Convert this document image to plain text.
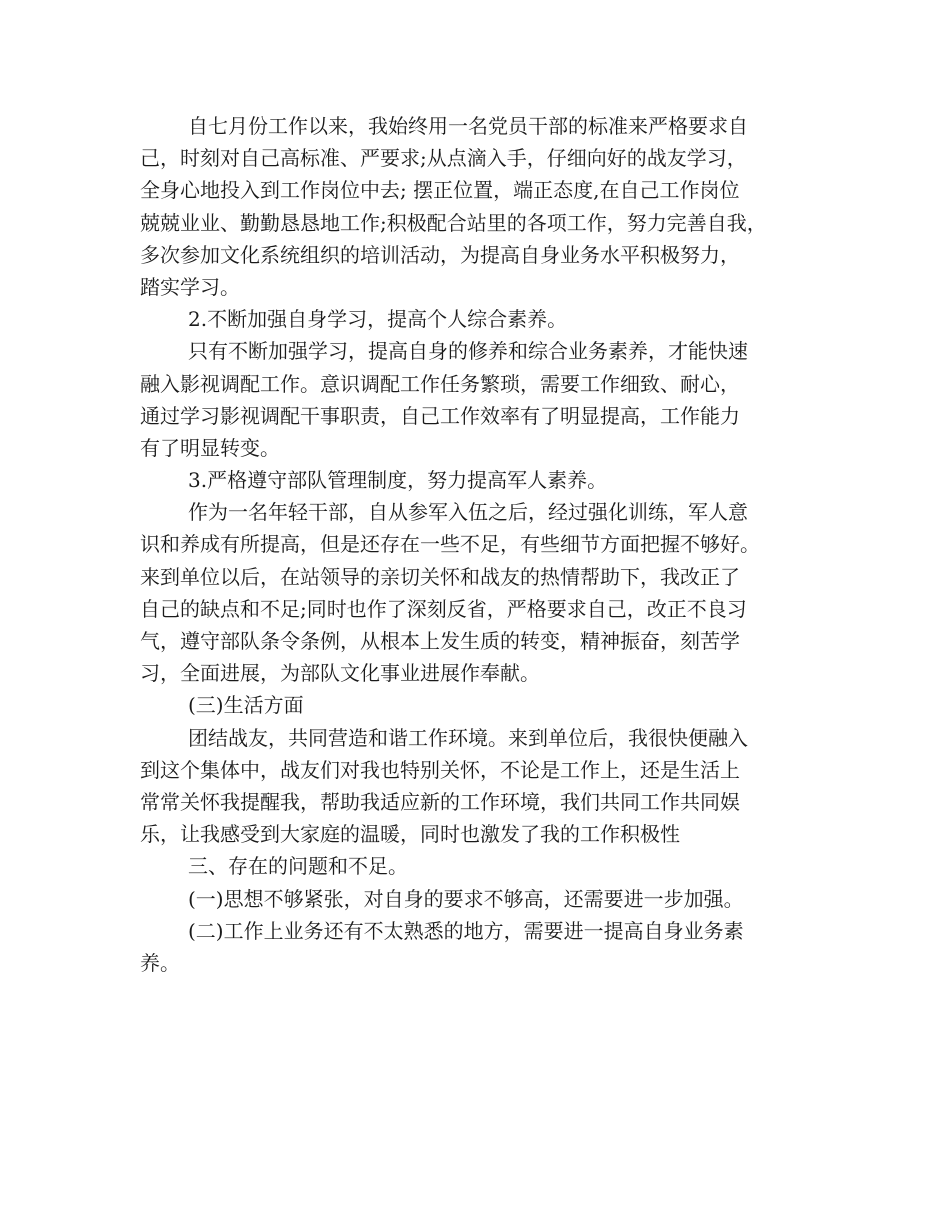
自七月份工作以来，我始终用一名党员干部的标准来严格要求自
己，时刻对自己高标准、严要求;从点滴入手，仔细向好的战友学习，
全身心地投入到工作岗位中去; 摆正位置，端正态度,在自己工作岗位
兢兢业业、勤勤恳恳地工作;积极配合站里的各项工作，努力完善自我，
多次参加文化系统组织的培训活动，为提高自身业务水平积极努力，
踏实学习。
2.不断加强自身学习，提高个人综合素养。
只有不断加强学习，提高自身的修养和综合业务素养，才能快速
融入影视调配工作。意识调配工作任务繁琐，需要工作细致、耐心，
通过学习影视调配干事职责，自己工作效率有了明显提高，工作能力
有了明显转变。
3.严格遵守部队管理制度，努力提高军人素养。
作为一名年轻干部，自从参军入伍之后，经过强化训练，军人意
识和养成有所提高，但是还存在一些不足，有些细节方面把握不够好。
来到单位以后，在站领导的亲切关怀和战友的热情帮助下，我改正了
自己的缺点和不足;同时也作了深刻反省，严格要求自己，改正不良习
气，遵守部队条令条例，从根本上发生质的转变，精神振奋，刻苦学
习，全面进展，为部队文化事业进展作奉献。
(三)生活方面
团结战友，共同营造和谐工作环境。来到单位后，我很快便融入
到这个集体中，战友们对我也特别关怀，不论是工作上，还是生活上
常常关怀我提醒我，帮助我适应新的工作环境，我们共同工作共同娱
乐，让我感受到大家庭的温暖，同时也激发了我的工作积极性
三、存在的问题和不足。
(一)思想不够紧张，对自身的要求不够高，还需要进一步加强。
(二)工作上业务还有不太熟悉的地方，需要进一提高自身业务素
养。
